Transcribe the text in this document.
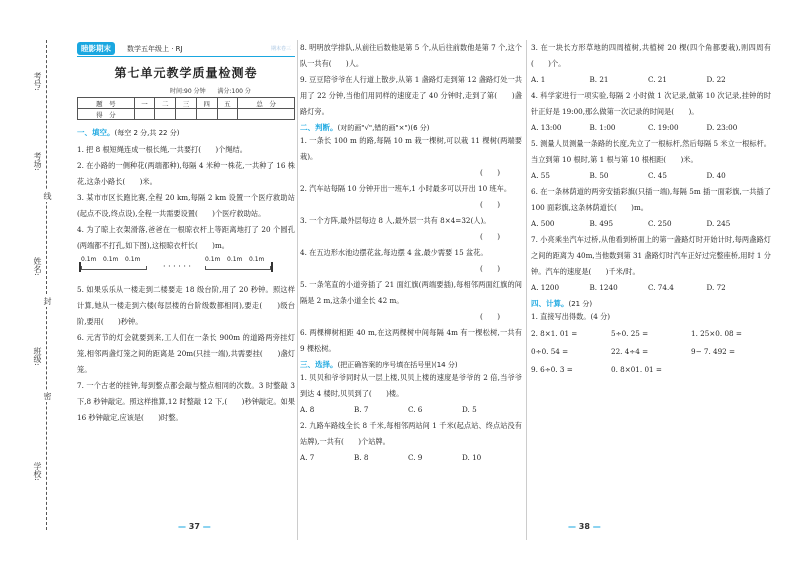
考号:
考场:
线
姓名:
封
班级:
密
学校:
睦影期末	数学五年级上 · RJ	期末卷三
第七单元教学质量检测卷
时间:90 分钟 满分:100 分
题　号	一	二	三	四	五	总　分
得　分						
一、填空。(每空 2 分,共 22 分)

1. 把 8 根短绳连成一根长绳,一共要打(　　)个绳结。

2. 在小路的一侧种花(两端都种),每隔 4 米种一株花,一共种了 16 株花,这条小路长(　　)米。

3. 某市市区长跑比赛,全程 20 km,每隔 2 km 设置一个医疗救助站(起点不设,终点设),全程一共需要设置(　　)个医疗救助站。

4. 为了晾上衣架滑落,爸爸在一根晾衣杆上等距离地打了 20 个圆孔(两端都不打孔,如下图),这根晾衣杆长(　　)m。

0.1m 0.1m 0.1m	0.1m 0.1m 0.1m
· · · · · ·

5. 如果乐乐从一楼走到二楼要走 18 级台阶,用了 20 秒钟。照这样计算,她从一楼走到六楼(每层楼的台阶级数都相同),要走(　　)级台阶,要用(　　)秒钟。

6. 元宵节的灯会就要到来,工人们在一条长 900m 的道路两旁挂灯笼,相邻两盏灯笼之间的距离是 20m(只挂一端),共需要挂(　　)盏灯笼。

7. 一个古老的挂钟,每到整点都会敲与整点相同的次数。3 时整敲 3 下,8 秒钟敲定。照这样推算,12 时整敲 12 下,(　　)秒钟敲定。如果 16 秒钟敲定,应该是(　　)时整。

— 37 —

8. 明明放学排队,从前往后数他是第 5 个,从后往前数他是第 7 个,这个队一共有(　　)人。

9. 豆豆陪爷爷在人行道上散步,从第 1 盏路灯走到第 12 盏路灯处一共用了 22 分钟,当他们用同样的速度走了 40 分钟时,走到了第(　　)盏路灯旁。

二、判断。(对的画"√",错的画"×")(6 分)

1. 一条长 100 m 的路,每隔 10 m 栽一棵树,可以栽 11 棵树(两端要栽)。

(　　)

2. 汽车站每隔 10 分钟开出一班车,1 小时最多可以开出 10 班车。

(　　)

3. 一个方阵,最外层每边 8 人,最外层一共有 8×4=32(人)。

(　　)

4. 在五边形水池边摆花盆,每边摆 4 盆,最少需要 15 盆花。

(　　)

5. 一条笔直的小道旁插了 21 面红旗(两端要插),每相邻两面红旗的间隔是 2 m,这条小道全长 42 m。

(　　)

6. 两棵柳树相距 40 m,在这两棵树中间每隔 4m 有一棵松树,一共有 9 棵松树。

三、选择。(把正确答案的序号填在括号里)(14 分)

1. 贝贝和爷爷同时从一层上楼,贝贝上楼的速度是爷爷的 2 倍,当爷爷到达 4 楼时,贝贝到了(　　)楼。

A. 8	B. 7	C. 6	D. 5

2. 九路车路线全长 8 千米,每相邻两站间 1 千米(起点站、终点站没有站牌),一共有(　　)个站牌。

A. 7	B. 8	C. 9	D. 10

3. 在一块长方形草地的四周植树,共植树 20 棵(四个角都要栽),则四周有(　　)个。

A. 1	B. 21	C. 21	D. 22

4. 科学家进行一项实验,每隔 2 小时做 1 次记录,做第 10 次记录,挂钟的时针正好是 19:00,那么做第一次记录的时间是(　　)。

A. 13:00	B. 1:00	C. 19:00	D. 23:00

5. 测量人员测量一条路的长度,先立了一根标杆,然后每隔 5 米立一根标杆。当立到第 10 根时,第 1 根与第 10 根相距(　　)米。

A. 55	B. 50	C. 45	D. 40

6. 在一条林荫道的两旁安插彩旗(只插一端),每隔 5m 插一面彩旗,一共插了 100 面彩旗,这条林荫道长(　　)m。

A. 500	B. 495	C. 250	D. 245

7. 小亮乘坐汽车过桥,从他看到桥面上的第一盏路灯时开始计时,每两盏路灯之间的距离为 40m,当他数到第 31 盏路灯时汽车正好过完整座桥,用时 1 分钟。汽车的速度是(　　)千米/时。

A. 1200	B. 1240	C. 74.4	D. 72
四、计算。(21 分)

1. 直接写出得数。(4 分)

2. 8×1. 01 =	5÷0. 25 =	1. 25×0. 08 =
0÷0. 54 =	22. 4÷4 =	9− 7. 492 =
9. 6÷0. 3 =	0. 8×01. 01 =
— 38 —
